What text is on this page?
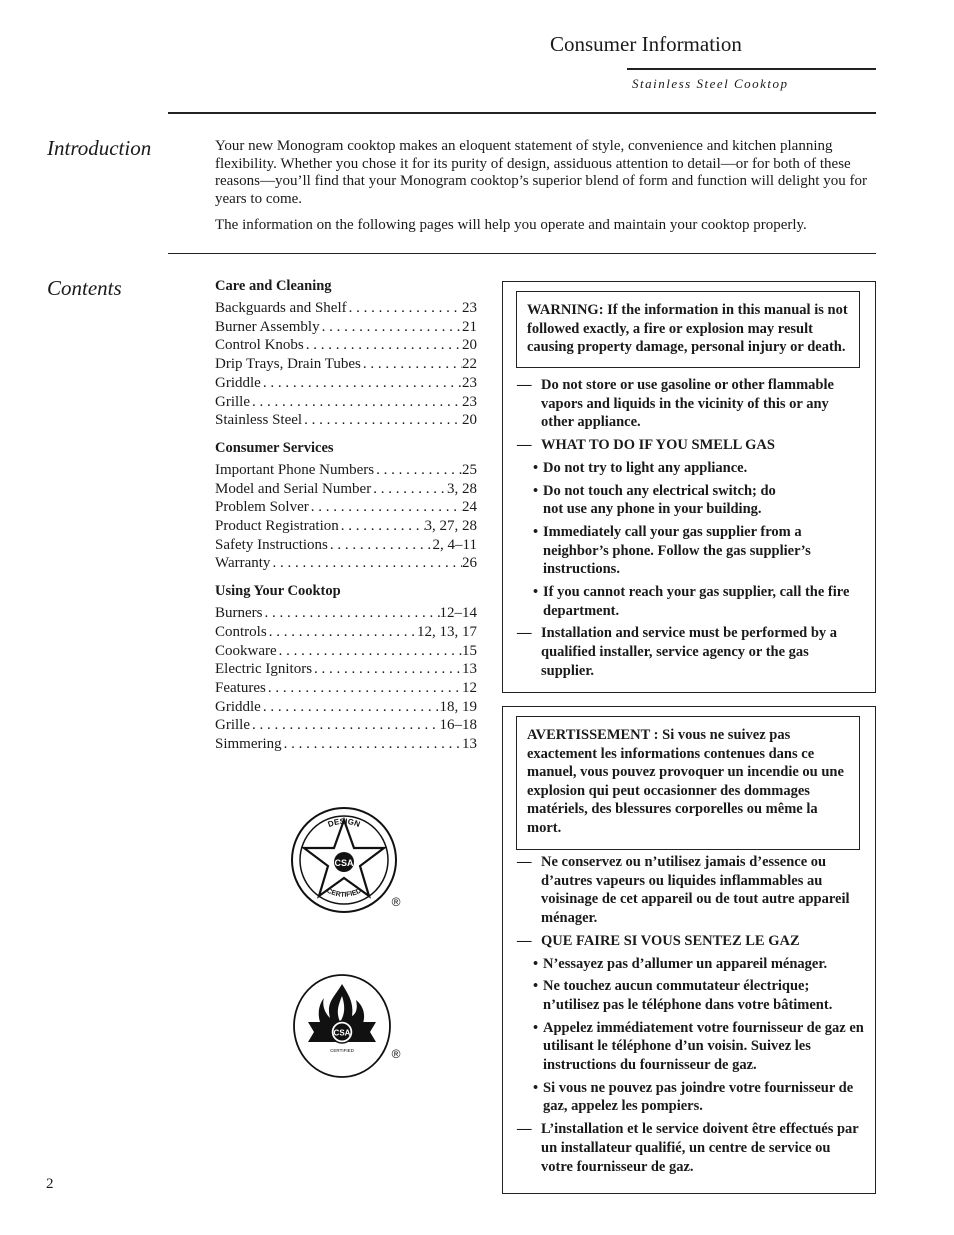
Consumer Information
Stainless Steel Cooktop
Introduction	Your new Monogram cooktop makes an eloquent statement of style, convenience and kitchen planning flexibility. Whether you chose it for its purity of design, assiduous attention to detail—or for both of these reasons—you’ll find that your Monogram cooktop’s superior blend of form and function will delight you for years to come.

The information on the following pages will help you operate and maintain your cooktop properly.

Contents	Care and Cleaning
Backguards and Shelf . . .	23
Burner Assembly . . .	21
Control Knobs . . .	20
Drip Trays, Drain Tubes . . .	22
Griddle . . .	23
Grille . . .	23
Stainless Steel . . .	20
Consumer Services
Important Phone Numbers . . .	25
Model and Serial Number . . .	3, 28
Problem Solver . . .	24
Product Registration . . .	3, 27, 28
Safety Instructions . . .	2, 4–11
Warranty . . .	26
Using Your Cooktop
Burners . . .	12–14
Controls . . .	12, 13, 17
Cookware . . .	15
Electric Ignitors . . .	13
Features . . .	12
Griddle . . .	18, 19
Grille . . .	16–18
Simmering . . .	13
WARNING: If the information in this manual is not followed exactly, a fire or explosion may result causing property damage, personal injury or death.
— Do not store or use gasoline or other flammable vapors and liquids in the vicinity of this or any other appliance.
— WHAT TO DO IF YOU SMELL GAS
• Do not try to light any appliance.
• Do not touch any electrical switch; do not use any phone in your building.
• Immediately call your gas supplier from a neighbor’s phone. Follow the gas supplier’s instructions.
• If you cannot reach your gas supplier, call the fire department.
— Installation and service must be performed by a qualified installer, service agency or the gas supplier.
AVERTISSEMENT : Si vous ne suivez pas exactement les informations contenues dans ce manuel, vous pouvez provoquer un incendie ou une explosion qui peut occasionner des dommages matériels, des blessures corporelles ou même la mort.
— Ne conservez ou n’utilisez jamais d’essence ou d’autres vapeurs ou liquides inflammables au voisinage de cet appareil ou de tout autre appareil ménager.
— QUE FAIRE SI VOUS SENTEZ LE GAZ
• N’essayez pas d’allumer un appareil ménager.
• Ne touchez aucun commutateur électrique; n’utilisez pas le téléphone dans votre bâtiment.
• Appelez immédiatement votre fournisseur de gaz en utilisant le téléphone d’un voisin. Suivez les instructions du fournisseur de gaz.
• Si vous ne pouvez pas joindre votre fournisseur de gaz, appelez les pompiers.
— L’installation et le service doivent être effectués par un installateur qualifié, un centre de service ou votre fournisseur de gaz.
CSA
DESIGN
CERTIFIED
®
CSA
CERTIFIED	®
2
